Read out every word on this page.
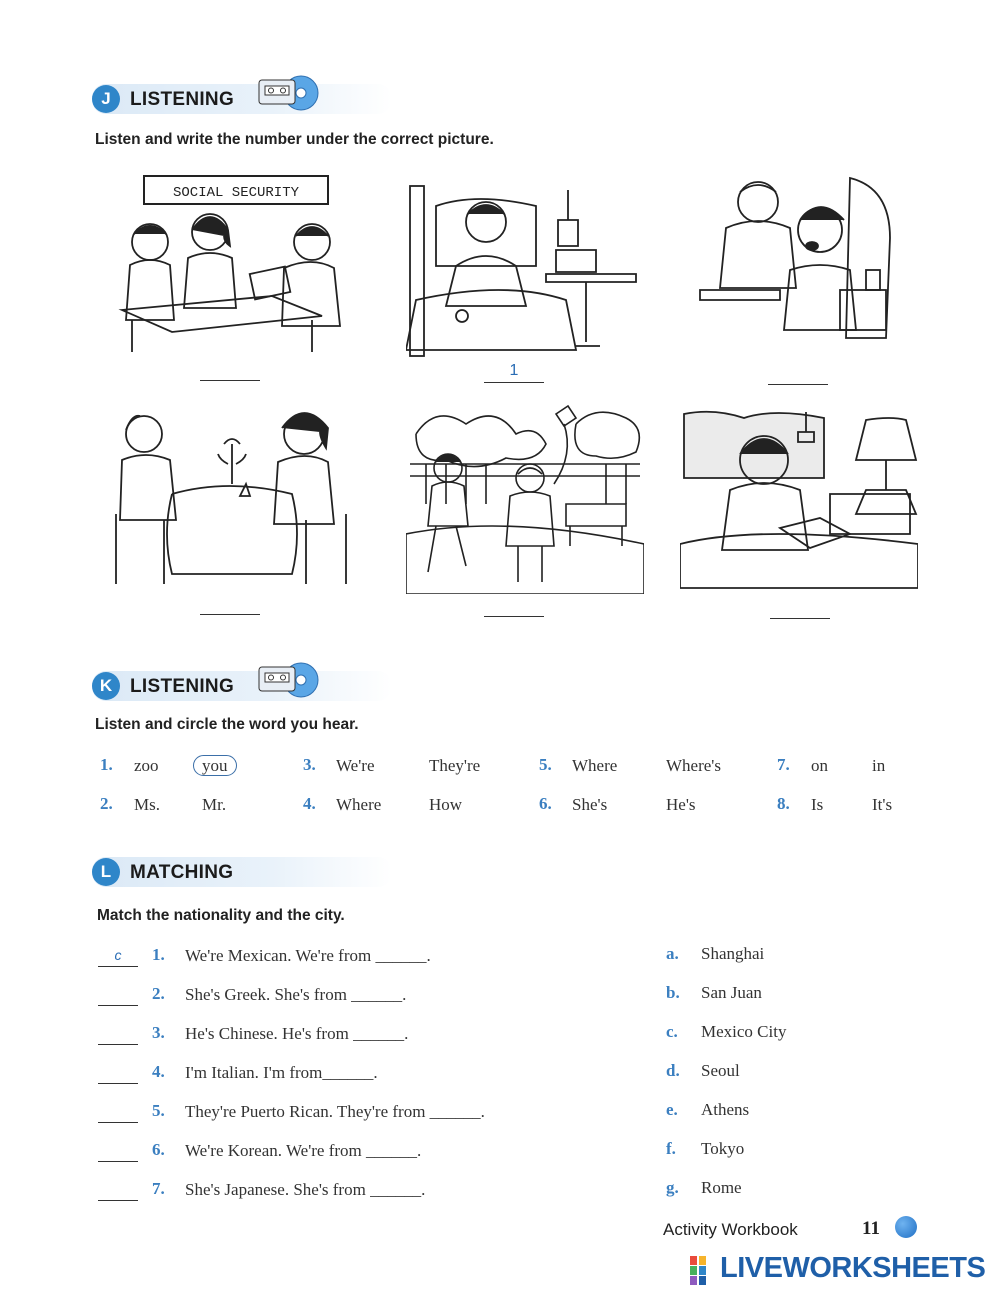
J	LISTENING
Listen and write the number under the correct picture.
SOCIAL SECURITY
1
K LISTENING
Listen and circle the word you hear.
1. zoo	you	3. We're	They're	5. Where	Where's	7. on	in
2. Ms. Mr.	4. Where	How	6. She's	He's	8. Is	It's
L MATCHING
Match the nationality and the city.
c	1. We're Mexican. We're from ______.
2. She's Greek. She's from ______.
3. He's Chinese. He's from ______.
4. I'm Italian. I'm from______.
5. They're Puerto Rican. They're from ______.
6. We're Korean. We're from ______.
7. She's Japanese. She's from ______.
a. Shanghai
b. San Juan
c. Mexico City
d. Seoul
e. Athens
f. Tokyo
g. Rome
Activity Workbook	11
LIVEWORKSHEETS
